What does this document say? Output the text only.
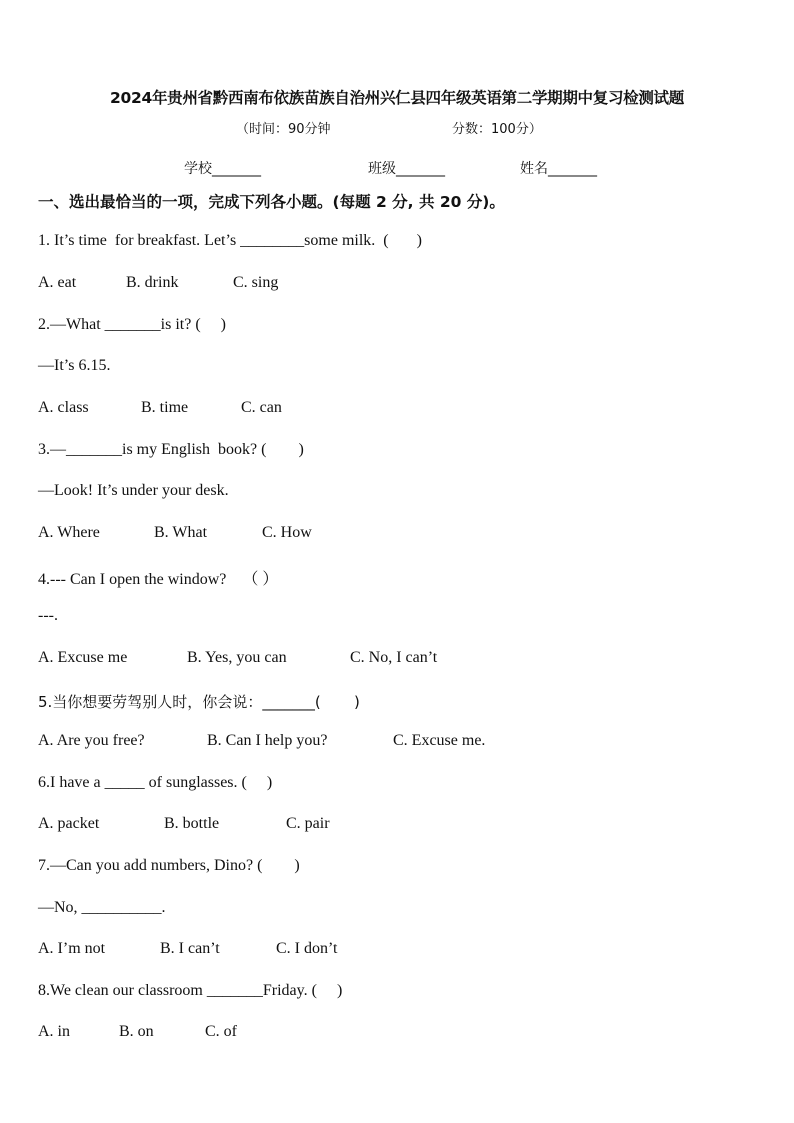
2024年贵州省黔西南布依族苗族自治州兴仁县四年级英语第二学期期中复习检测试题
（时间：90分钟	分数：100分）
学校_______	班级_______	姓名_______
一、选出最恰当的一项，完成下列各小题。(每题 2 分, 共 20 分)。
1. It’s time  for breakfast. Let’s ________some milk.  (       )
A. eat	B. drink	C. sing
2.—What _______is it? (     )
—It’s 6.15.
A. class	B. time	C. can
3.—_______is my English  book? (        )
—Look! It’s under your desk.
A. Where	B. What	C. How
4.--- Can I open the window?    （ ）
---.
A. Excuse me	B. Yes, you can	C. No, I can’t
5.当你想要劳驾别人时，你会说：_______(       )
A. Are you free?	B. Can I help you?	C. Excuse me.
6.I have a _____ of sunglasses. (     )
A. packet	B. bottle	C. pair
7.—Can you add numbers, Dino? (        )
—No, __________.
A. I’m not	B. I can’t	C. I don’t
8.We clean our classroom _______Friday. (     )
A. in	B. on	C. of
